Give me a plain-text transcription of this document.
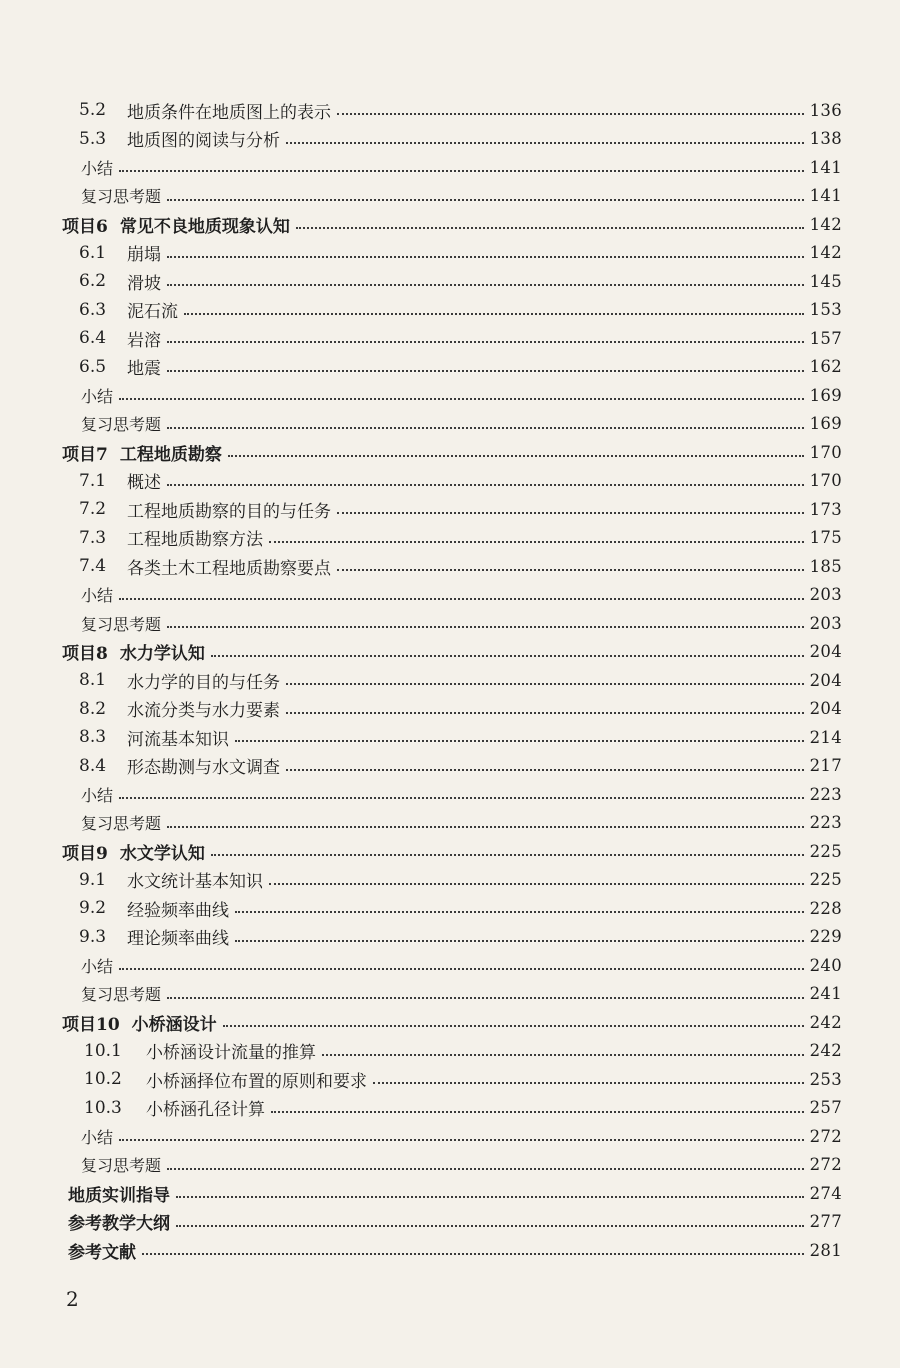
5.2	地质条件在地质图上的表示	136
5.3	地质图的阅读与分析	138
小结	141
复习思考题	141
项目6 常见不良地质现象认知	142
6.1	崩塌	142
6.2	滑坡	145
6.3	泥石流	153
6.4	岩溶	157
6.5	地震	162
小结	169
复习思考题	169
项目7 工程地质勘察	170
7.1	概述	170
7.2	工程地质勘察的目的与任务	173
7.3	工程地质勘察方法	175
7.4	各类土木工程地质勘察要点	185
小结	203
复习思考题	203
项目8 水力学认知	204
8.1	水力学的目的与任务	204
8.2	水流分类与水力要素	204
8.3	河流基本知识	214
8.4	形态勘测与水文调查	217
小结	223
复习思考题	223
项目9 水文学认知	225
9.1	水文统计基本知识	225
9.2	经验频率曲线	228
9.3	理论频率曲线	229
小结	240
复习思考题	241
项目10 小桥涵设计	242
10.1	小桥涵设计流量的推算	242
10.2	小桥涵择位布置的原则和要求	253
10.3	小桥涵孔径计算	257
小结	272
复习思考题	272
地质实训指导	274
参考教学大纲	277
参考文献	281
2
